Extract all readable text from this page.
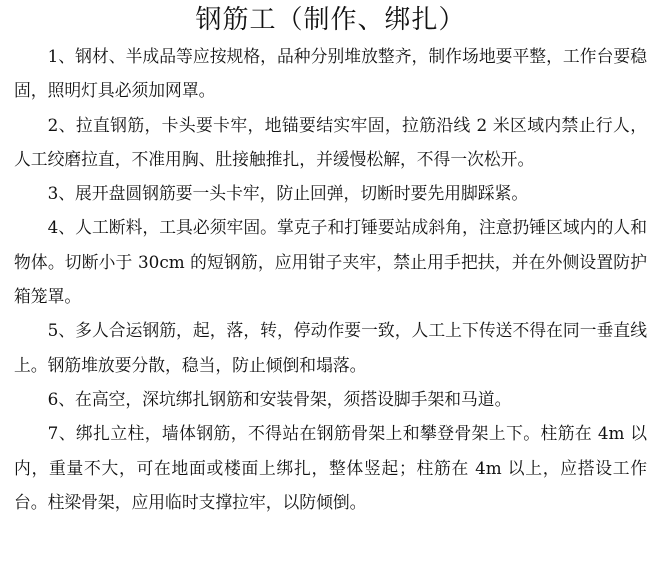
钢筋工（制作、绑扎）

1、钢材、半成品等应按规格，品种分别堆放整齐，制作场地要平整，工作台要稳固，照明灯具必须加网罩。

2、拉直钢筋，卡头要卡牢，地锚要结实牢固，拉筋沿线 2 米区域内禁止行人，人工绞磨拉直，不准用胸、肚接触推扎，并缓慢松解，不得一次松开。

3、展开盘圆钢筋要一头卡牢，防止回弹，切断时要先用脚踩紧。

4、人工断料，工具必须牢固。掌克子和打锤要站成斜角，注意扔锤区域内的人和物体。切断小于 30cm 的短钢筋，应用钳子夹牢，禁止用手把扶，并在外侧设置防护箱笼罩。

5、多人合运钢筋，起，落，转，停动作要一致，人工上下传送不得在同一垂直线上。钢筋堆放要分散，稳当，防止倾倒和塌落。

6、在高空，深坑绑扎钢筋和安装骨架，须搭设脚手架和马道。

7、绑扎立柱，墙体钢筋，不得站在钢筋骨架上和攀登骨架上下。柱筋在 4m 以内，重量不大，可在地面或楼面上绑扎，整体竖起；柱筋在 4m 以上，应搭设工作台。柱梁骨架，应用临时支撑拉牢，以防倾倒。
